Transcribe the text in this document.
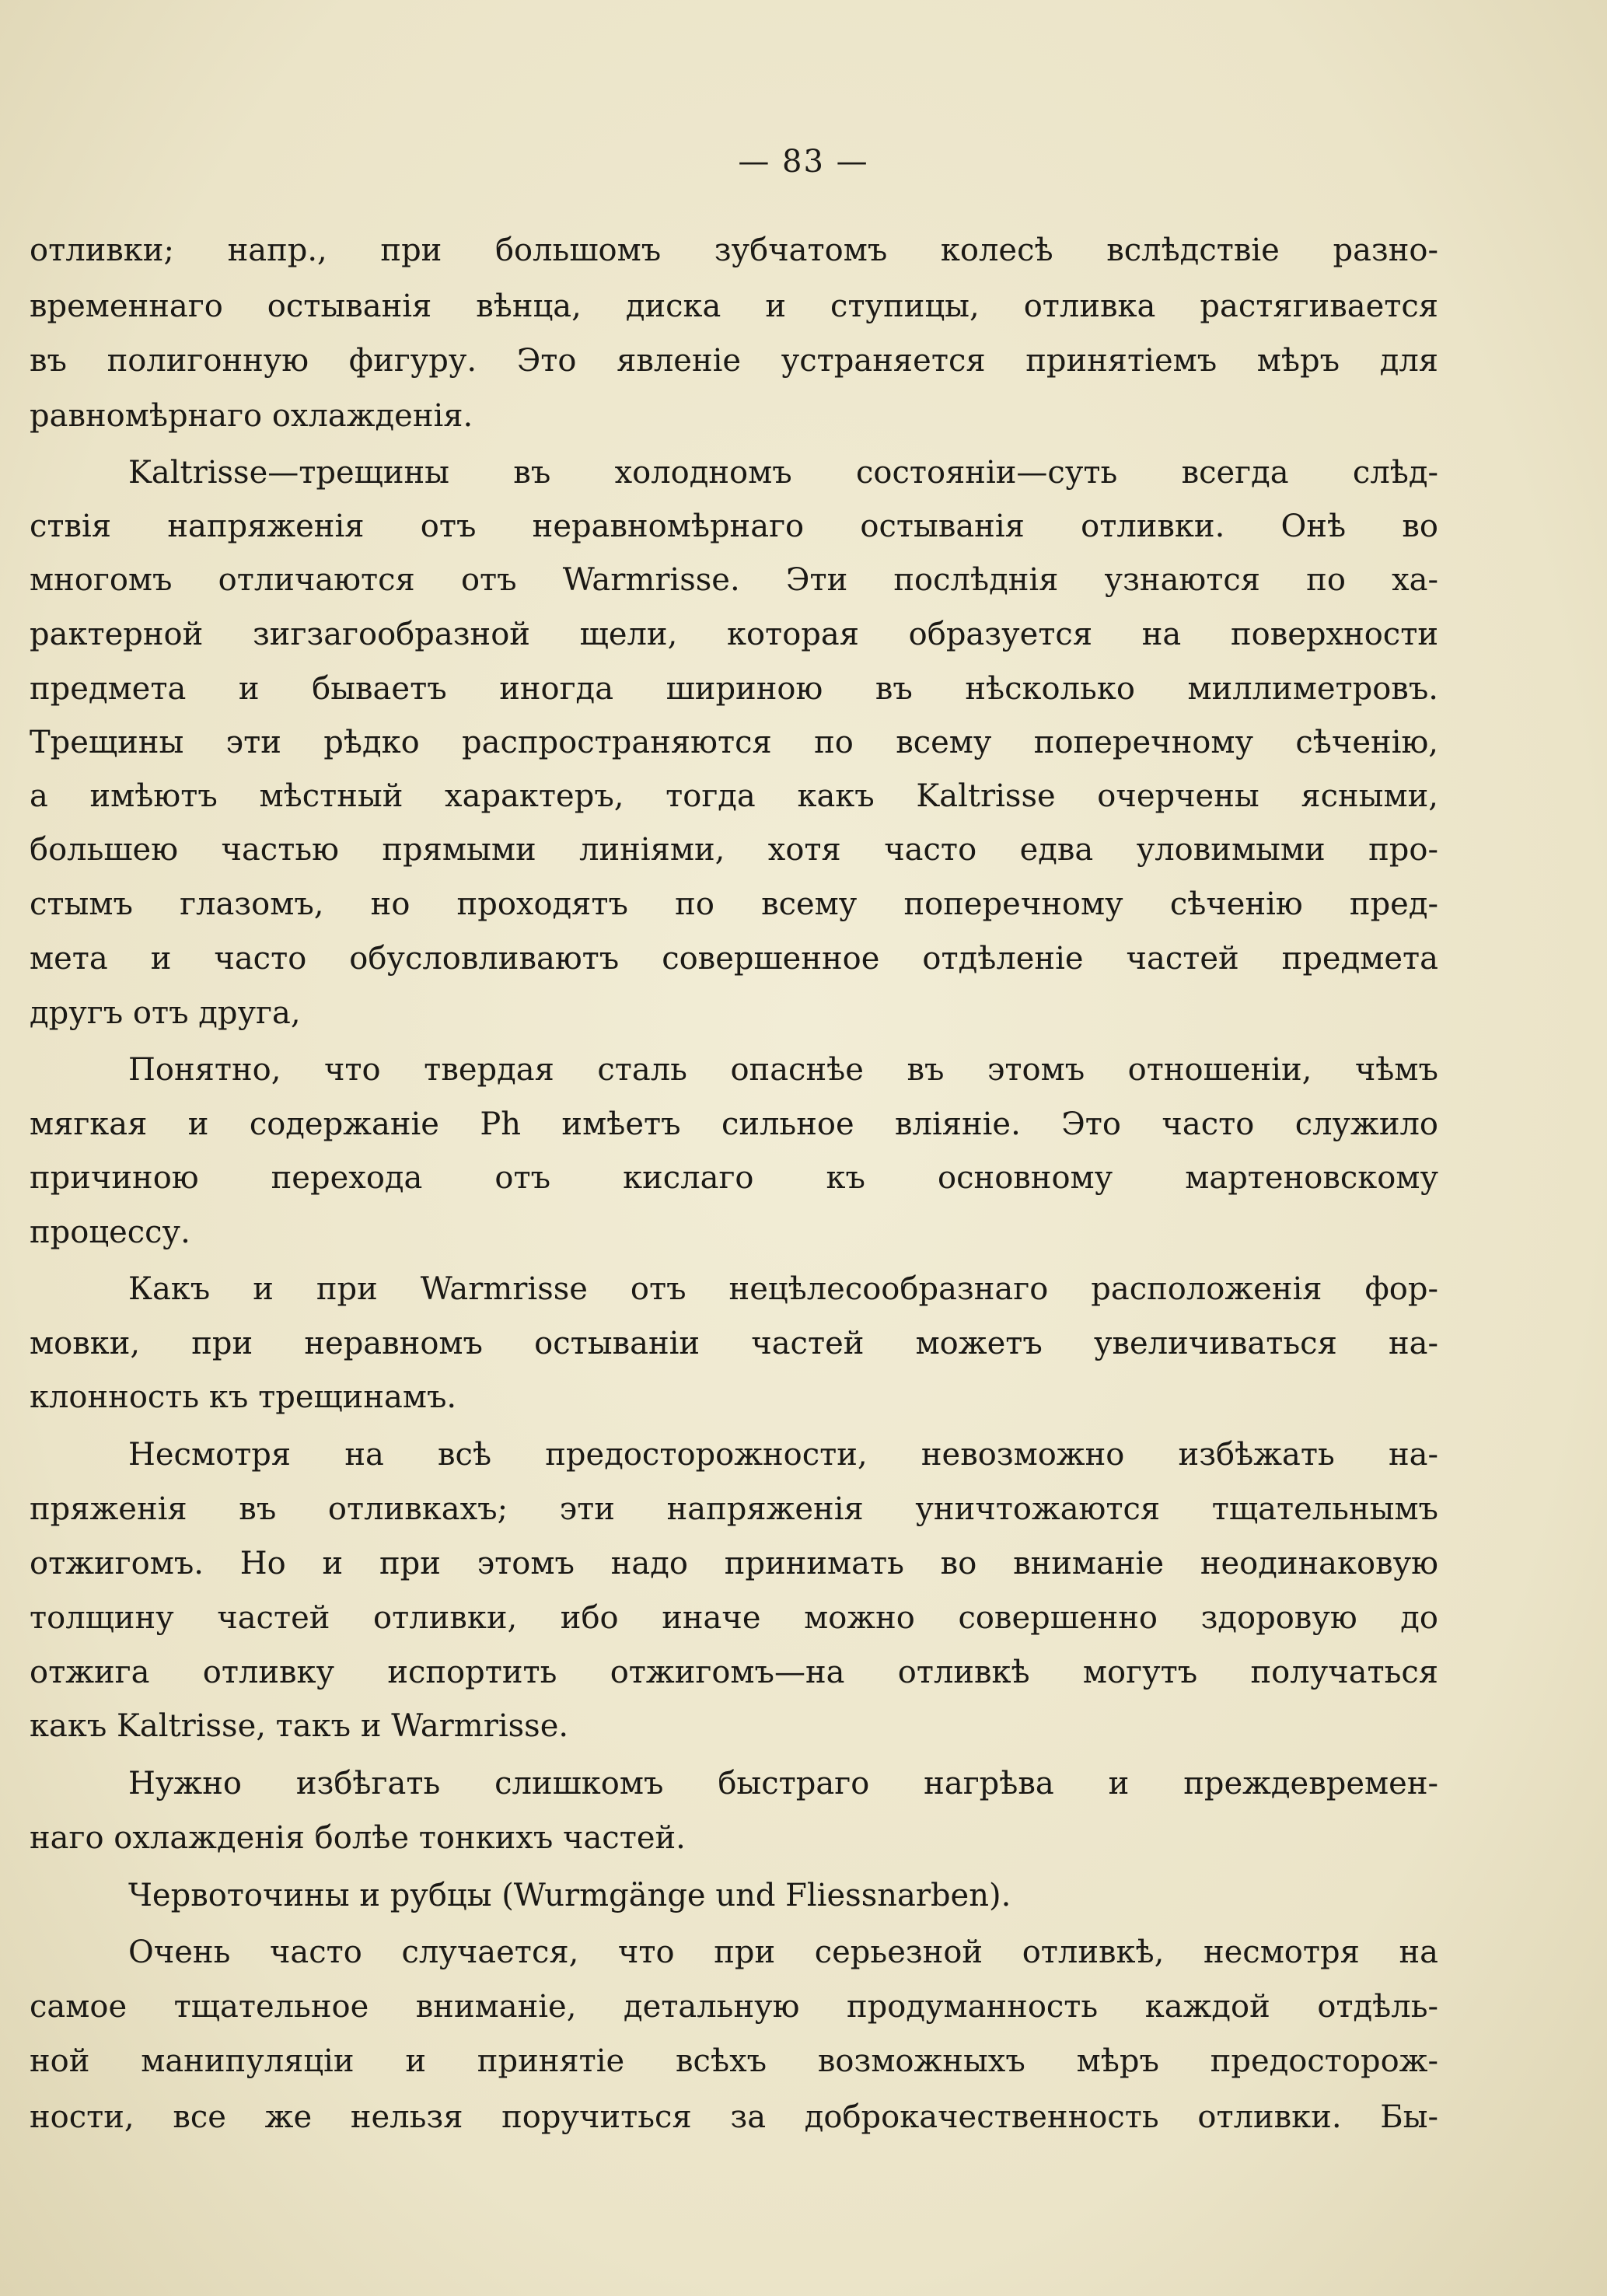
— 83 —
отливки; напр., при большомъ зубчатомъ колесѣ вслѣдствіе разно-
временнаго остыванія вѣнца, диска и ступицы, отливка растягивается
въ полигонную фигуру. Это явленіе устраняется принятіемъ мѣръ для
равномѣрнаго охлажденія.
Kaltrisse—трещины въ холодномъ состояніи—суть всегда слѣд-
ствія напряженія отъ неравномѣрнаго остыванія отливки. Онѣ во
многомъ отличаются отъ Warmrisse. Эти послѣднія узнаются по ха-
рактерной зигзагообразной щели, которая образуется на поверхности
предмета и бываетъ иногда шириною въ нѣсколько миллиметровъ.
Трещины эти рѣдко распространяются по всему поперечному сѣченію,
а имѣютъ мѣстный характеръ, тогда какъ Kaltrisse очерчены ясными,
большею частью прямыми линіями, хотя часто едва уловимыми про-
стымъ глазомъ, но проходятъ по всему поперечному сѣченію пред-
мета и часто обусловливаютъ совершенное отдѣленіе частей предмета
другъ отъ друга,
Понятно, что твердая сталь опаснѣе въ этомъ отношеніи, чѣмъ
мягкая и содержаніе Ph имѣетъ сильное вліяніе. Это часто служило
причиною перехода отъ кислаго къ основному мартеновскому
процессу.
Какъ и при Warmrisse отъ нецѣлесообразнаго расположенія фор-
мовки, при неравномъ остываніи частей можетъ увеличиваться на-
клонность къ трещинамъ.
Несмотря на всѣ предосторожности, невозможно избѣжать на-
пряженія въ отливкахъ; эти напряженія уничтожаются тщательнымъ
отжигомъ. Но и при этомъ надо принимать во вниманіе неодинаковую
толщину частей отливки, ибо иначе можно совершенно здоровую до
отжига отливку испортить отжигомъ—на отливкѣ могутъ получаться
какъ Kaltrisse, такъ и Warmrisse.
Нужно избѣгать слишкомъ быстраго нагрѣва и преждевремен-
наго охлажденія болѣе тонкихъ частей.
Червоточины и рубцы (Wurmgänge und Fliessnarben).
Очень часто случается, что при серьезной отливкѣ, несмотря на
самое тщательное вниманіе, детальную продуманность каждой отдѣль-
ной манипуляціи и принятіе всѣхъ возможныхъ мѣръ предосторож-
ности, все же нельзя поручиться за доброкачественность отливки. Бы-
